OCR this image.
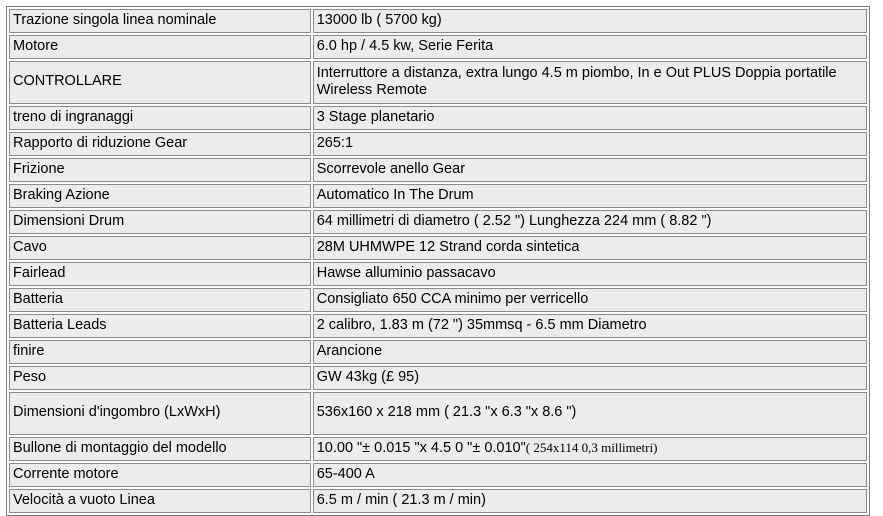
Trazione singola linea nominale	13000 lb ( 5700 kg)
Motore	6.0 hp / 4.5 kw, Serie Ferita
CONTROLLARE	Interruttore a distanza, extra lungo 4.5 m piombo, In e Out PLUS Doppia portatile Wireless Remote
treno di ingranaggi	3 Stage planetario
Rapporto di riduzione Gear	265:1
Frizione	Scorrevole anello Gear
Braking Azione	Automatico In The Drum
Dimensioni Drum	64 millimetri di diametro ( 2.52 ") Lunghezza 224 mm ( 8.82 ")
Cavo	28M UHMWPE 12 Strand corda sintetica
Fairlead	Hawse alluminio passacavo
Batteria	Consigliato 650 CCA minimo per verricello
Batteria Leads	2 calibro, 1.83 m (72 ") 35mmsq - 6.5 mm Diametro
finire	Arancione
Peso	GW 43kg (£ 95)
Dimensioni d'ingombro (LxWxH)	536x160 x 218 mm ( 21.3 "x 6.3 "x 8.6 ")
Bullone di montaggio del modello	10.00 "± 0.015 "x 4.5 0 "± 0.010"( 254x114 0,3 millimetri)
Corrente motore	65-400 A
Velocità a vuoto Linea	6.5 m / min ( 21.3 m / min)
